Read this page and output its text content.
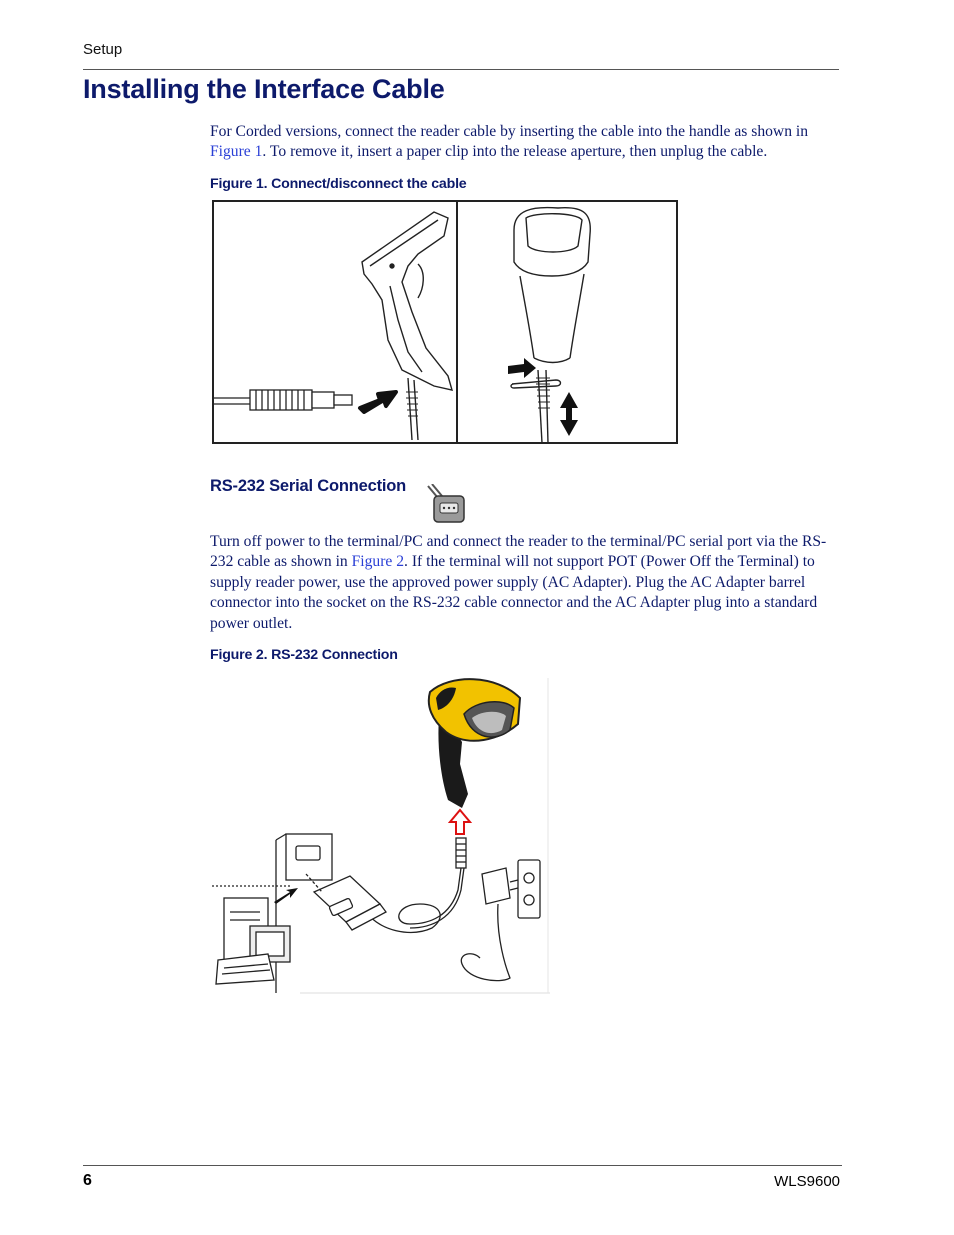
Setup
Installing the Interface Cable

For Corded versions, connect the reader cable by inserting the cable into the handle as shown in Figure 1. To remove it, insert a paper clip into the release aperture, then unplug the cable.

Figure 1. Connect/disconnect the cable
RS-232 Serial Connection

Turn off power to the terminal/PC and connect the reader to the terminal/PC serial port via the RS-232 cable as shown in Figure 2. If the terminal will not support POT (Power Off the Terminal) to supply reader power, use the approved power supply (AC Adapter). Plug the AC Adapter barrel connector into the socket on the RS-232 cable connector and the AC Adapter plug into a standard power outlet.

Figure 2. RS-232 Connection
6	WLS9600
